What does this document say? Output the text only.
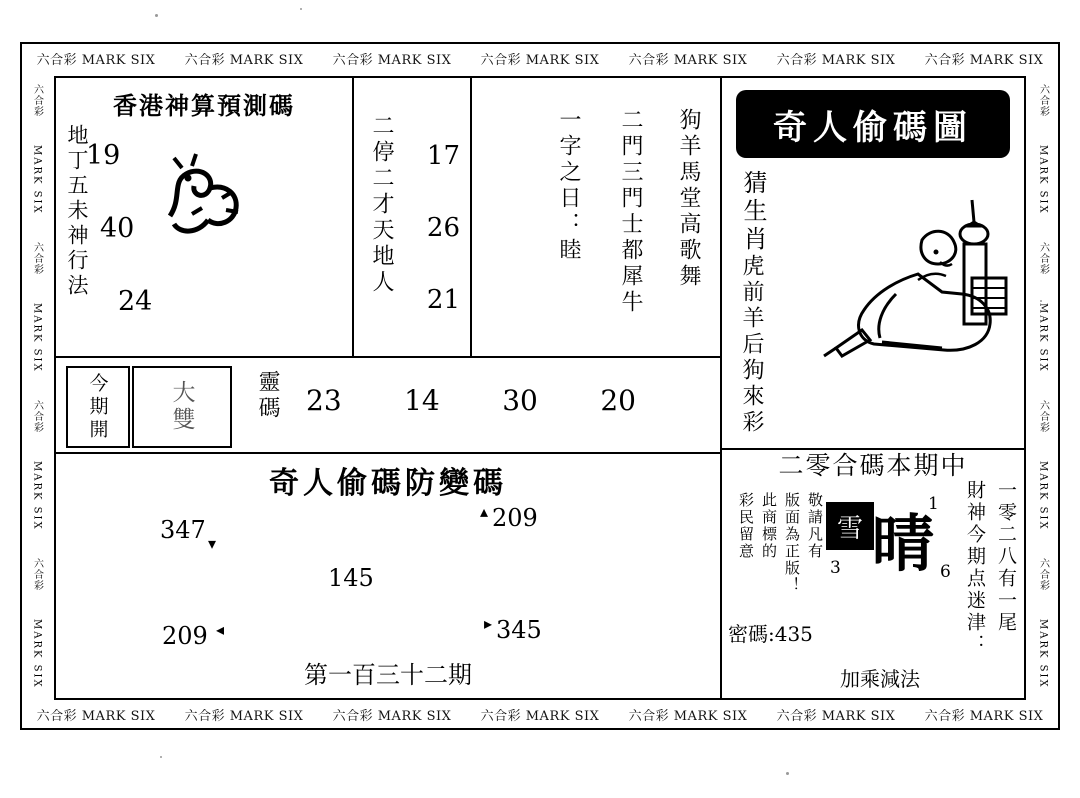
六合彩 MARK SIX 六合彩 MARK SIX 六合彩 MARK SIX 六合彩 MARK SIX 六合彩 MARK SIX 六合彩 MARK SIX 六合彩 MARK SIX
六合彩 MARK SIX 六合彩 MARK SIX 六合彩 MARK SIX 六合彩 MARK SIX 六合彩 MARK SIX 六合彩 MARK SIX 六合彩 MARK SIX
六合彩
MARK SIX
六合彩
MARK SIX
六合彩
MARK SIX
六合彩
MARK SIX
六合彩
MARK SIX
六合彩
MARK SIX
六合彩
MARK SIX
六合彩
MARK SIX
香港神算預測碼
地丁五未神行法
19
40
24
二停二才天地人 17
26
21
狗羊馬堂高歌舞
二門三門士都犀牛
一字之日：睦	奇人偷碼圖
猜生肖
虎前羊后狗來彩
今期開	大雙	靈碼 23 14 30 20
奇人偷碼防變碼
347	209
145
209	345
▾
▴
◂	▸
第一百三十二期
二零合碼本期中
敬請凡有
版面為正版！
此商標的
彩民留意	雪 晴
1
3	6
密碼:435
加乘減法
財神今期点迷津： 一零二八有一尾
